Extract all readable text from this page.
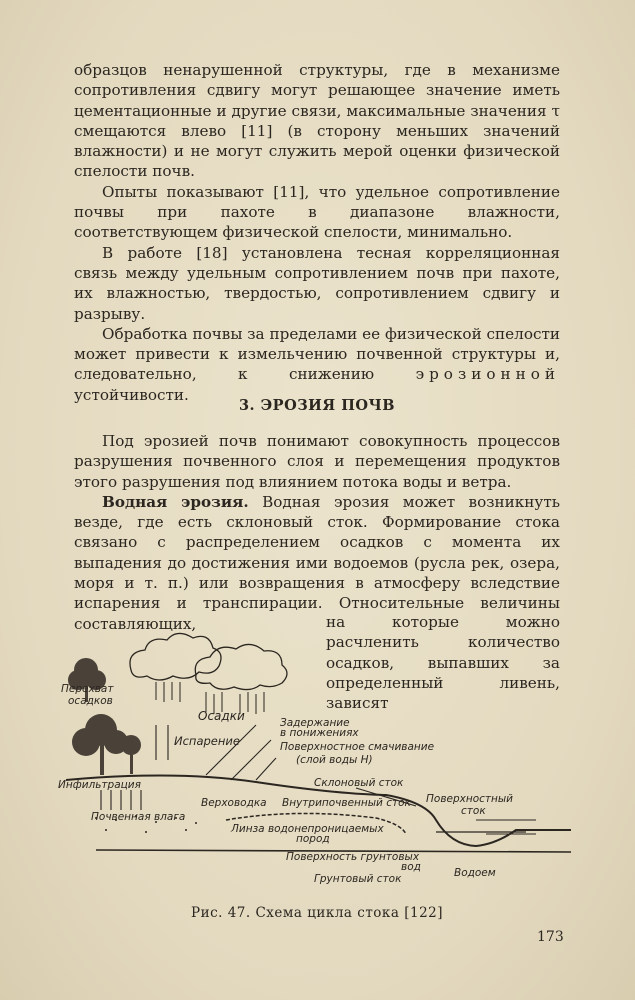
образцов ненарушенной структуры, где в механизме сопротивления сдвигу могут решающее значение иметь цементационные и другие связи, максимальные значения τ смещаются влево [11] (в сторону меньших значений влажности) и не могут служить мерой оценки физической спелости почв.

Опыты показывают [11], что удельное сопротивление почвы при пахоте в диапазоне влажности, соответствующем физической спелости, минимально.

В работе [18] установлена тесная корреляционная связь между удельным сопротивлением почв при пахоте, их влажностью, твердостью, сопротивлением сдвигу и разрыву.

Обработка почвы за пределами ее физической спелости может привести к измельчению почвенной структуры и, следовательно, к снижению	эрозионной устойчивости.

3. ЭРОЗИЯ ПОЧВ

Под эрозией почв понимают совокупность процессов разрушения почвенного слоя и перемещения продуктов этого разрушения под влиянием потока воды и ветра.

Водная эрозия. Водная эрозия может возникнуть везде, где есть склоновый сток. Формирование стока связано с распределением осадков с момента их выпадения до достижения ими водоемов (русла рек, озера, моря и т. п.) или возвращения в атмосферу вследствие испарения и транспирации. Относительные величины составляющих,	на которые можно расчленить количество осадков, выпавших за определенный ливень, зависят

Перехват
осадков
Осадки
Испарение
Задержание
в понижениях
Поверхностное смачивание
(слой воды H)
Склоновый сток
Инфильтрация
Верховодка Внутрипочвенный сток Поверхностный
сток
Почвенная влага
Линза водонепроницаемых
пород
Поверхность грунтовых
вод
Грунтовый сток	Водоем
Рис. 47. Схема цикла стока [122]
173
